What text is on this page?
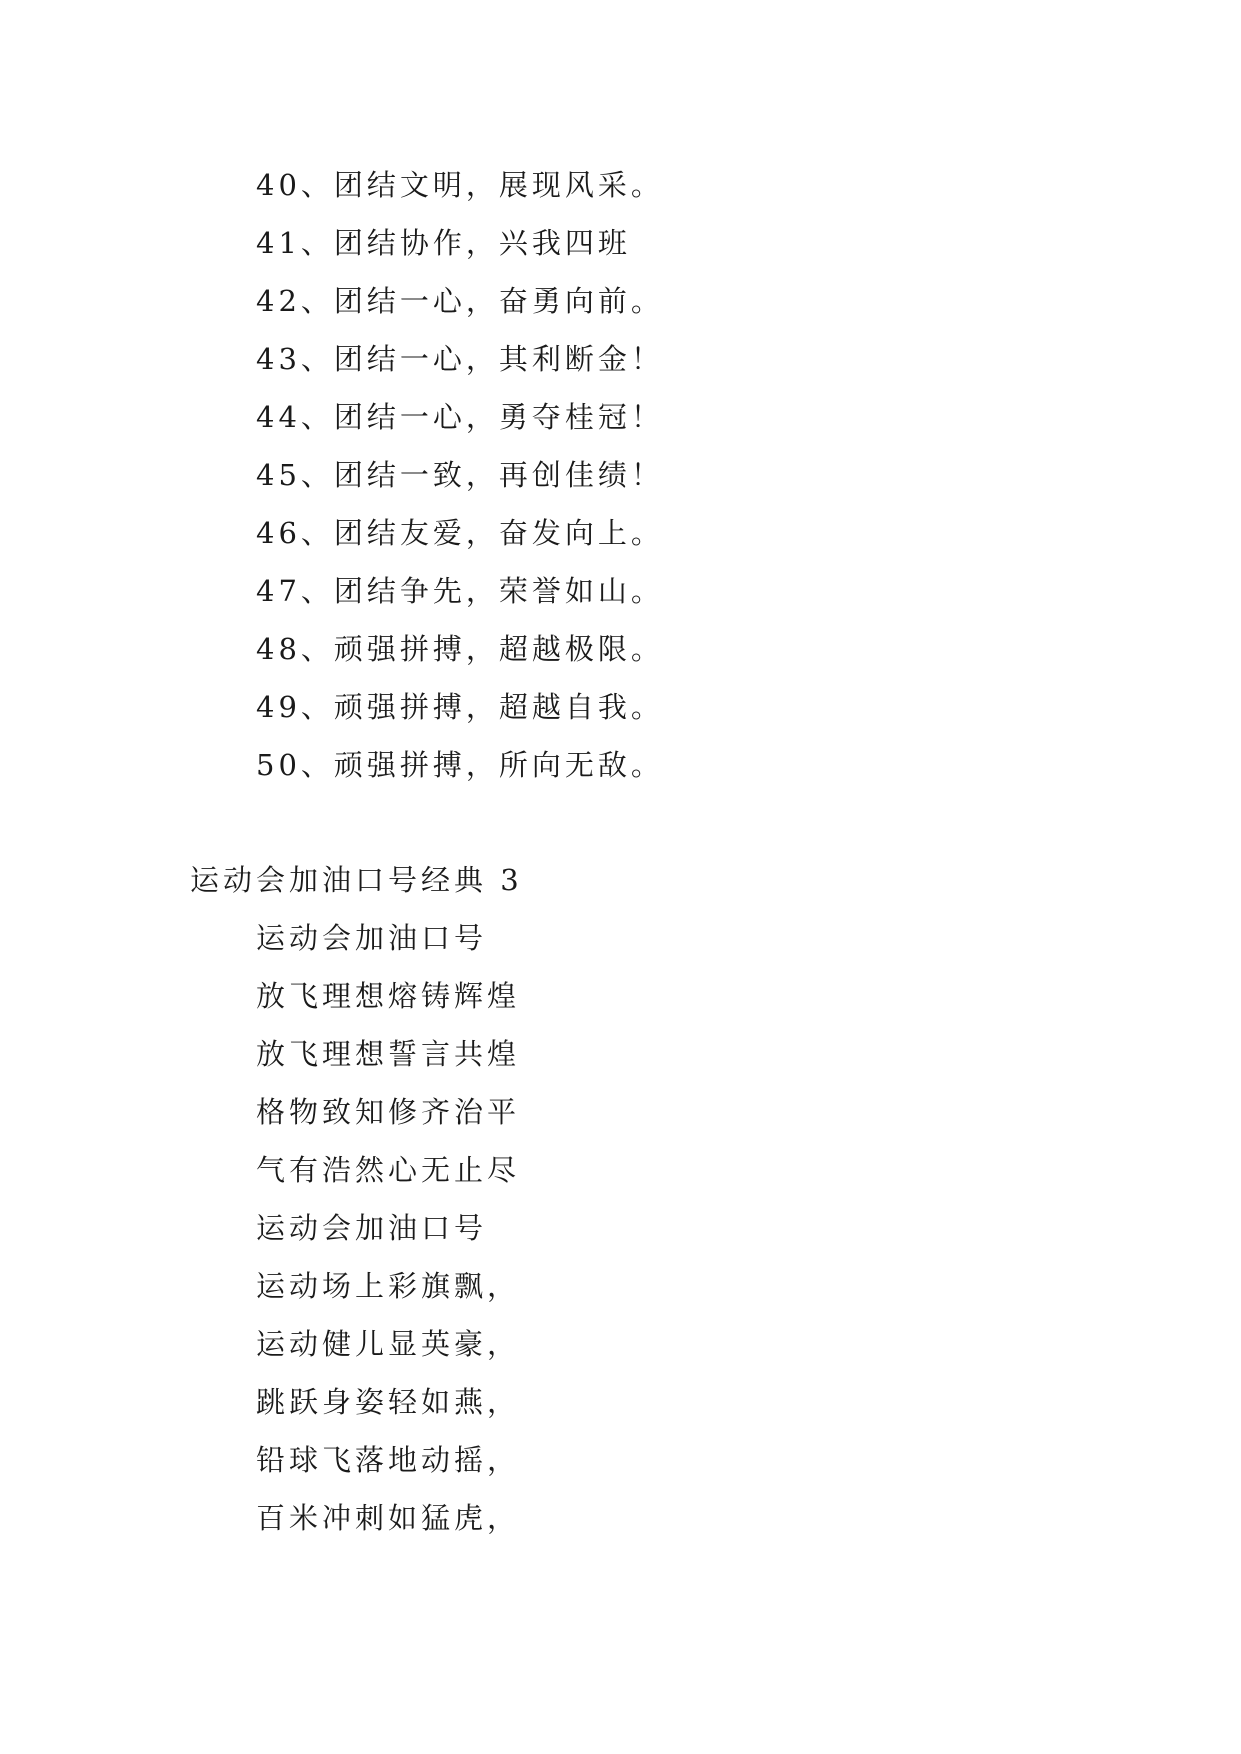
40、团结文明，展现风采。
41、团结协作，兴我四班
42、团结一心，奋勇向前。
43、团结一心，其利断金！
44、团结一心，勇夺桂冠！
45、团结一致，再创佳绩！
46、团结友爱，奋发向上。
47、团结争先，荣誉如山。
48、顽强拼搏，超越极限。
49、顽强拼搏，超越自我。
50、顽强拼搏，所向无敌。
运动会加油口号经典 3
运动会加油口号
放飞理想熔铸辉煌
放飞理想誓言共煌
格物致知修齐治平
气有浩然心无止尽
运动会加油口号
运动场上彩旗飘，
运动健儿显英豪，
跳跃身姿轻如燕，
铅球飞落地动摇，
百米冲刺如猛虎，
